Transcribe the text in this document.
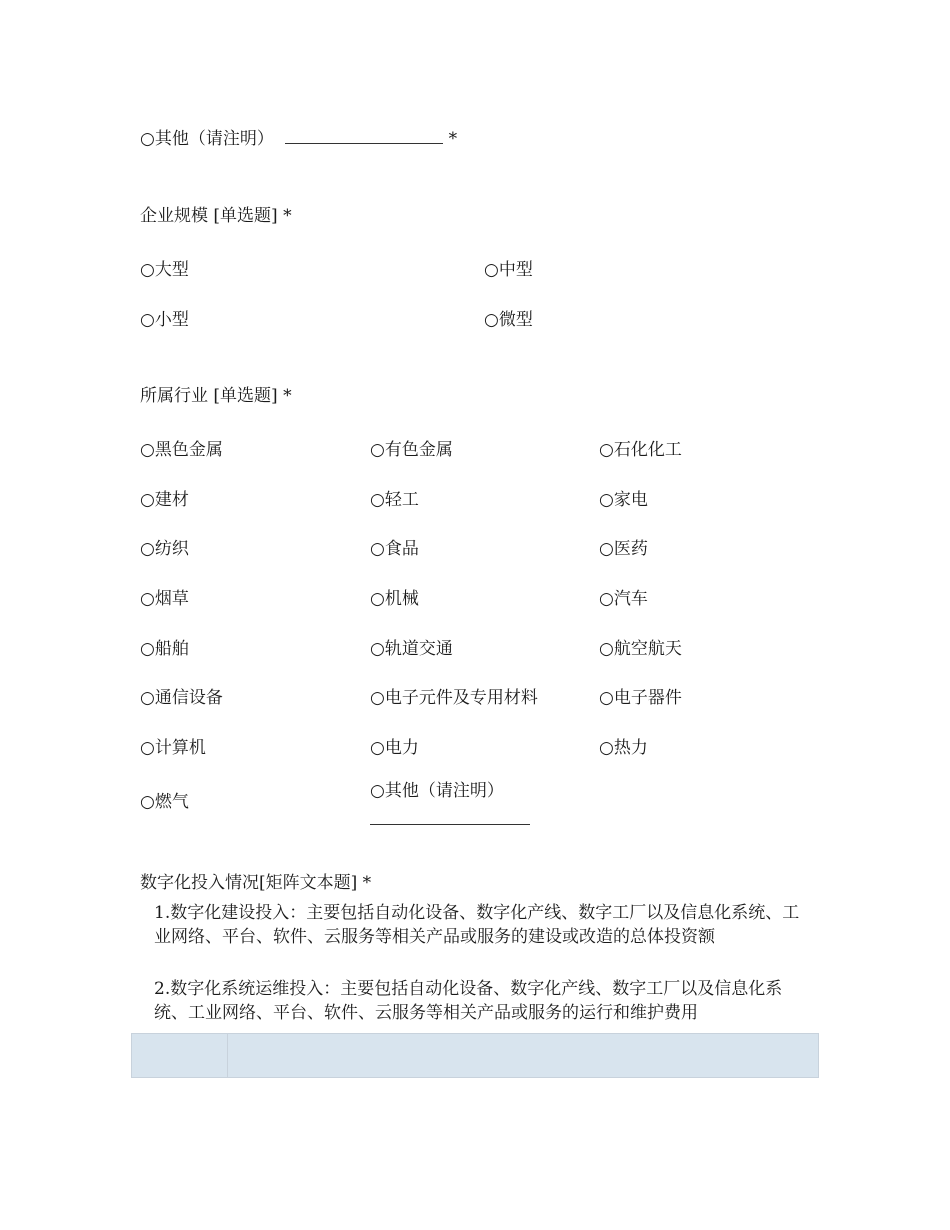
○其他（请注明）	*
企业规模 [单选题] *
○大型	○中型
○小型	○微型
所属行业 [单选题] *
○黑色金属	○有色金属	○石化化工
○建材	○轻工	○家电
○纺织	○食品	○医药
○烟草	○机械	○汽车
○船舶	○轨道交通	○航空航天
○通信设备	○电子元件及专用材料	○电子器件
○计算机	○电力	○热力
○燃气
○其他（请注明）
数字化投入情况[矩阵文本题] *
1.数字化建设投入：主要包括自动化设备、数字化产线、数字工厂以及信息化系统、工业网络、平台、软件、云服务等相关产品或服务的建设或改造的总体投资额
2.数字化系统运维投入：主要包括自动化设备、数字化产线、数字工厂以及信息化系统、工业网络、平台、软件、云服务等相关产品或服务的运行和维护费用
